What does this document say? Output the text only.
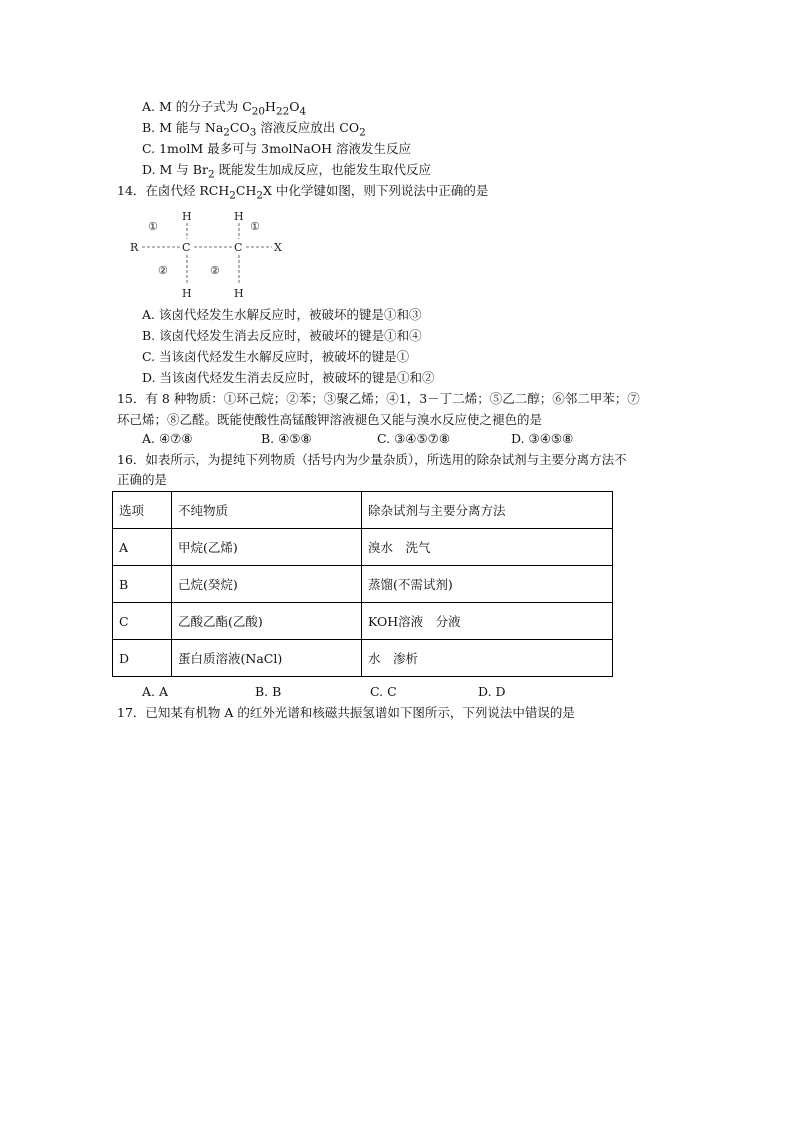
A. M 的分子式为 $C_{20}H_{22}O_4$
B. M 能与 $Na_2CO_3$ 溶液反应放出 $CO_2$
C. 1molM 最多可与 3molNaOH 溶液发生反应
D. M 与 $Br_2$ 既能发生加成反应，也能发生取代反应
14．在卤代烃 $RCH_2CH_2X$ 中化学键如图，则下列说法中正确的是
R	C	C	X
H	H
H	H
①	①
②	②
A. 该卤代烃发生水解反应时，被破坏的键是①和③
B. 该卤代烃发生消去反应时，被破坏的键是①和④
C. 当该卤代烃发生水解反应时，被破坏的键是①
D. 当该卤代烃发生消去反应时，被破坏的键是①和②
15．有 8 种物质：①环己烷；②苯；③聚乙烯；④1，3－丁二烯；⑤乙二醇；⑥邻二甲苯；⑦
环己烯；⑧乙醛。既能使酸性高锰酸钾溶液褪色又能与溴水反应使之褪色的是
A. ④⑦⑧	B. ④⑤⑧	C. ③④⑤⑦⑧	D. ③④⑤⑧
16．如表所示，为提纯下列物质（括号内为少量杂质），所选用的除杂试剂与主要分离方法不
正确的是
选项	不纯物质	除杂试剂与主要分离方法
A	甲烷(乙烯)	溴水　洗气
B	己烷(癸烷)	蒸馏(不需试剂)
C	乙酸乙酯(乙酸)	KOH溶液　分液
D	蛋白质溶液(NaCl)	水　渗析
A. A	B. B	C. C	D. D
17．已知某有机物 A 的红外光谱和核磁共振氢谱如下图所示，下列说法中错误的是
